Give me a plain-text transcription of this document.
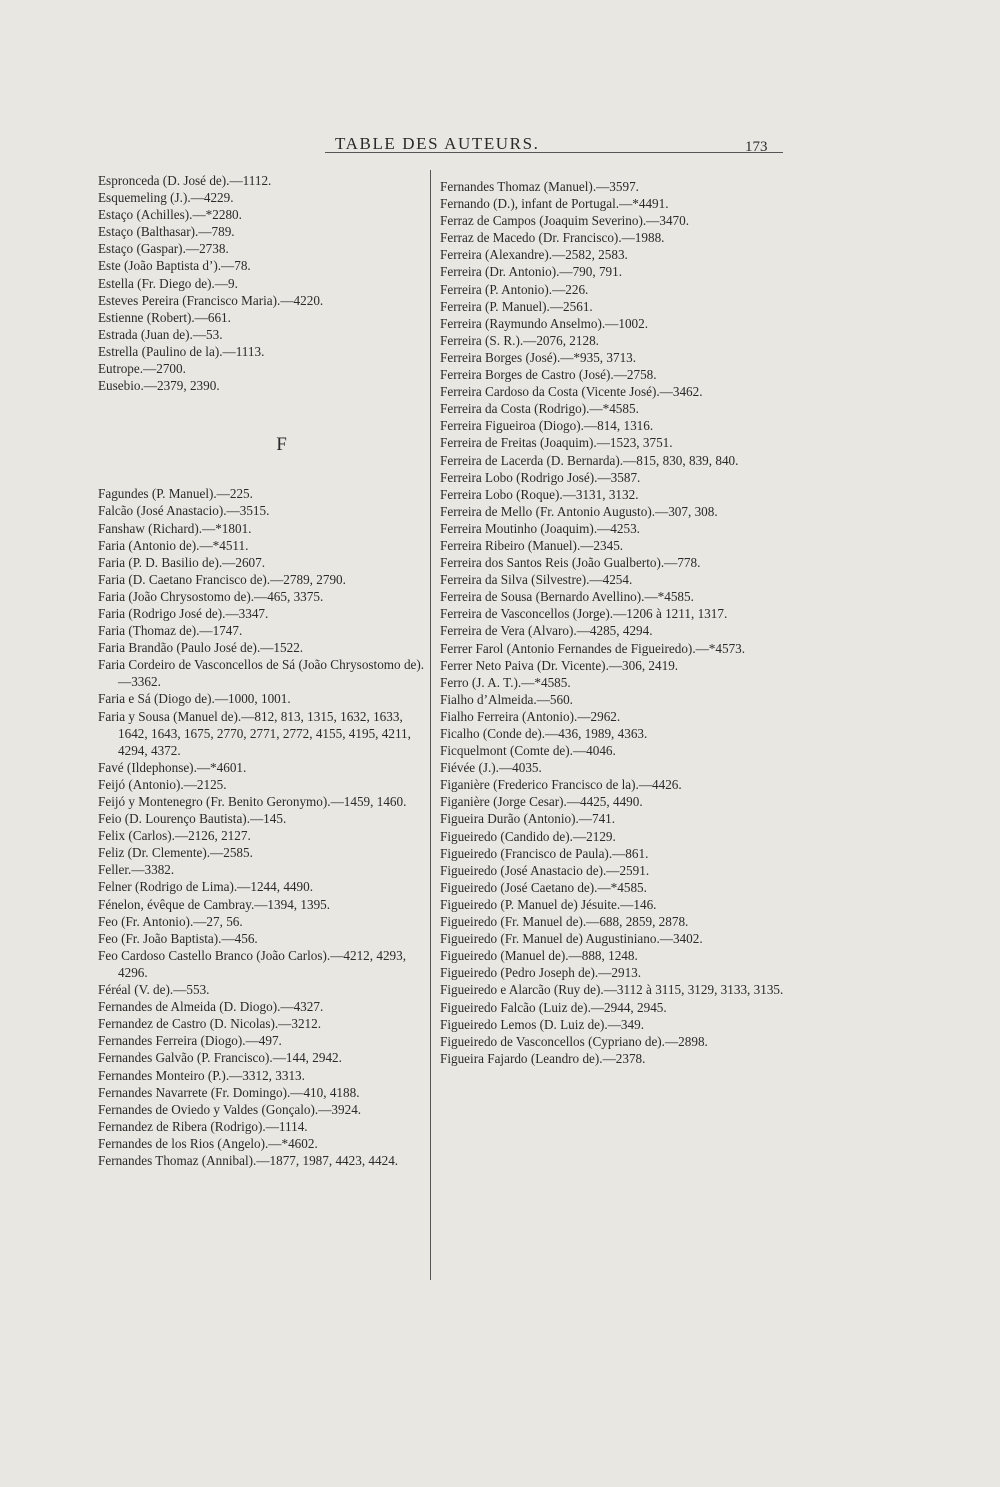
TABLE DES AUTEURS.	173

Espronceda (D. José de).—1112.

Esquemeling (J.).—4229.

Estaço (Achilles).—*2280.

Estaço (Balthasar).—789.

Estaço (Gaspar).—2738.

Este (João Baptista d’).—78.

Estella (Fr. Diego de).—9.

Esteves Pereira (Francisco Maria).—4220.

Estienne (Robert).—661.

Estrada (Juan de).—53.

Estrella (Paulino de la).—1113.

Eutrope.—2700.

Eusebio.—2379, 2390.

F

Fagundes (P. Manuel).—225.

Falcão (José Anastacio).—3515.

Fanshaw (Richard).—*1801.

Faria (Antonio de).—*4511.

Faria (P. D. Basilio de).—2607.

Faria (D. Caetano Francisco de).—2789, 2790.

Faria (João Chrysostomo de).—465, 3375.

Faria (Rodrigo José de).—3347.

Faria (Thomaz de).—1747.

Faria Brandão (Paulo José de).—1522.

Faria Cordeiro de Vasconcellos de Sá (João Chrysostomo de).—3362.

Faria e Sá (Diogo de).—1000, 1001.

Faria y Sousa (Manuel de).—812, 813, 1315, 1632, 1633, 1642, 1643, 1675, 2770, 2771, 2772, 4155, 4195, 4211, 4294, 4372.

Favé (Ildephonse).—*4601.

Feijó (Antonio).—2125.

Feijó y Montenegro (Fr. Benito Geronymo).—1459, 1460.

Feio (D. Lourenço Bautista).—145.

Felix (Carlos).—2126, 2127.

Feliz (Dr. Clemente).—2585.

Feller.—3382.

Felner (Rodrigo de Lima).—1244, 4490.

Fénelon, évêque de Cambray.—1394, 1395.

Feo (Fr. Antonio).—27, 56.

Feo (Fr. João Baptista).—456.

Feo Cardoso Castello Branco (João Carlos).—4212, 4293, 4296.

Féréal (V. de).—553.

Fernandes de Almeida (D. Diogo).—4327.

Fernandez de Castro (D. Nicolas).—3212.

Fernandes Ferreira (Diogo).—497.

Fernandes Galvão (P. Francisco).—144, 2942.

Fernandes Monteiro (P.).—3312, 3313.

Fernandes Navarrete (Fr. Domingo).—410, 4188.

Fernandes de Oviedo y Valdes (Gonçalo).—3924.

Fernandez de Ribera (Rodrigo).—1114.

Fernandes de los Rios (Angelo).—*4602.

Fernandes Thomaz (Annibal).—1877, 1987, 4423, 4424.

Fernandes Thomaz (Manuel).—3597.

Fernando (D.), infant de Portugal.—*4491.

Ferraz de Campos (Joaquim Severino).—3470.

Ferraz de Macedo (Dr. Francisco).—1988.

Ferreira (Alexandre).—2582, 2583.

Ferreira (Dr. Antonio).—790, 791.

Ferreira (P. Antonio).—226.

Ferreira (P. Manuel).—2561.

Ferreira (Raymundo Anselmo).—1002.

Ferreira (S. R.).—2076, 2128.

Ferreira Borges (José).—*935, 3713.

Ferreira Borges de Castro (José).—2758.

Ferreira Cardoso da Costa (Vicente José).—3462.

Ferreira da Costa (Rodrigo).—*4585.

Ferreira Figueiroa (Diogo).—814, 1316.

Ferreira de Freitas (Joaquim).—1523, 3751.

Ferreira de Lacerda (D. Bernarda).—815, 830, 839, 840.

Ferreira Lobo (Rodrigo José).—3587.

Ferreira Lobo (Roque).—3131, 3132.

Ferreira de Mello (Fr. Antonio Augusto).—307, 308.

Ferreira Moutinho (Joaquim).—4253.

Ferreira Ribeiro (Manuel).—2345.

Ferreira dos Santos Reis (João Gualberto).—778.

Ferreira da Silva (Silvestre).—4254.

Ferreira de Sousa (Bernardo Avellino).—*4585.

Ferreira de Vasconcellos (Jorge).—1206 à 1211, 1317.

Ferreira de Vera (Alvaro).—4285, 4294.

Ferrer Farol (Antonio Fernandes de Figueiredo).—*4573.

Ferrer Neto Paiva (Dr. Vicente).—306, 2419.

Ferro (J. A. T.).—*4585.

Fialho d’Almeida.—560.

Fialho Ferreira (Antonio).—2962.

Ficalho (Conde de).—436, 1989, 4363.

Ficquelmont (Comte de).—4046.

Fiévée (J.).—4035.

Figanière (Frederico Francisco de la).—4426.

Figanière (Jorge Cesar).—4425, 4490.

Figueira Durão (Antonio).—741.

Figueiredo (Candido de).—2129.

Figueiredo (Francisco de Paula).—861.

Figueiredo (José Anastacio de).—2591.

Figueiredo (José Caetano de).—*4585.

Figueiredo (P. Manuel de) Jésuite.—146.

Figueiredo (Fr. Manuel de).—688, 2859, 2878.

Figueiredo (Fr. Manuel de) Augustiniano.—3402.

Figueiredo (Manuel de).—888, 1248.

Figueiredo (Pedro Joseph de).—2913.

Figueiredo e Alarcão (Ruy de).—3112 à 3115, 3129, 3133, 3135.

Figueiredo Falcão (Luiz de).—2944, 2945.

Figueiredo Lemos (D. Luiz de).—349.

Figueiredo de Vasconcellos (Cypriano de).—2898.

Figueira Fajardo (Leandro de).—2378.
